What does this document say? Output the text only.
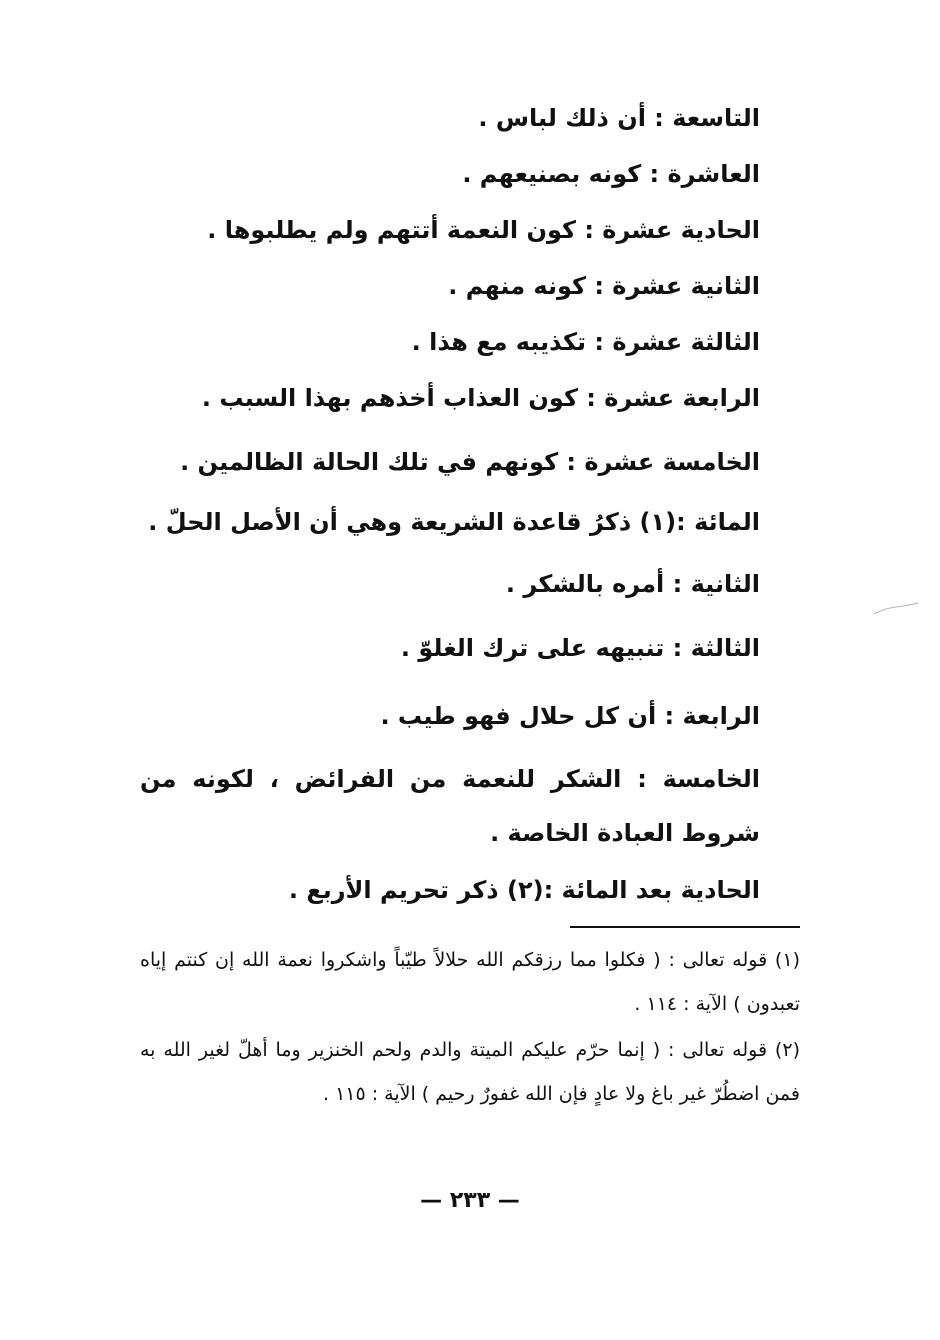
التاسعة : أن ذلك لباس .
العاشرة : كونه بصنيعهم .
الحادية عشرة : كون النعمة أتتهم ولم يطلبوها .
الثانية عشرة : كونه منهم .
الثالثة عشرة : تكذيبه مع هذا .
الرابعة عشرة : كون العذاب أخذهم بهذا السبب .
الخامسة عشرة : كونهم في تلك الحالة الظالمين .
المائة :(١) ذكرُ قاعدة الشريعة وهي أن الأصل الحلّ .
الثانية : أمره بالشكر .
الثالثة : تنبيهه على ترك الغلوّ .
الرابعة : أن كل حلال فهو طيب .
الخامسة : الشكر للنعمة من الفرائض ، لكونه من شروط العبادة الخاصة .
الحادية بعد المائة :(٢) ذكر تحريم الأربع .
(١) قوله تعالى : ( فكلوا مما رزقكم الله حلالاً طيّباً واشكروا نعمة الله إن كنتم إياه تعبدون ) الآية : ١١٤ .
(٢) قوله تعالى : ( إنما حرّم عليكم الميتة والدم ولحم الخنزير وما أهلّ لغير الله به فمن اضطُرّ غير باغ ولا عادٍ فإن الله غفورٌ رحيم ) الآية : ١١٥ .
— ٢٣٣ —
